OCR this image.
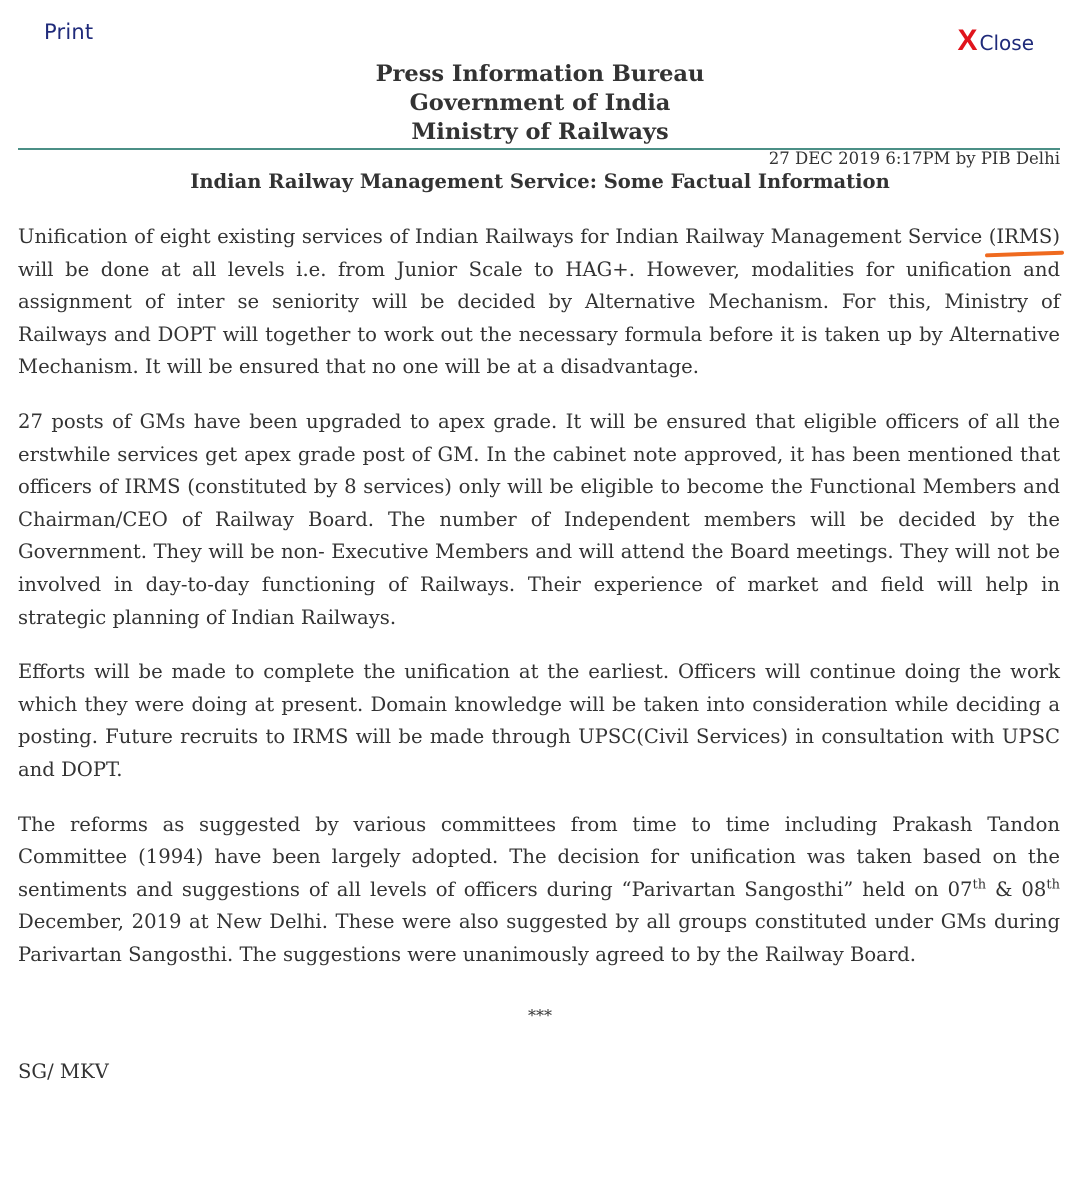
Print	X Close
Press Information Bureau
Government of India
Ministry of Railways
27 DEC 2019 6:17PM by PIB Delhi
Indian Railway Management Service: Some Factual Information

Unification of eight existing services of Indian Railways for Indian Railway Management Service (IRMS) will be done at all levels i.e. from Junior Scale to HAG+. However, modalities for unification and assignment of inter se seniority will be decided by Alternative Mechanism. For this, Ministry of Railways and DOPT will together to work out the necessary formula before it is taken up by Alternative Mechanism. It will be ensured that no one will be at a disadvantage.

27 posts of GMs have been upgraded to apex grade. It will be ensured that eligible officers of all the erstwhile services get apex grade post of GM. In the cabinet note approved, it has been mentioned that officers of IRMS (constituted by 8 services) only will be eligible to become the Functional Members and Chairman/CEO of Railway Board. The number of Independent members will be decided by the Government. They will be non- Executive Members and will attend the Board meetings. They will not be involved in day-to-day functioning of Railways. Their experience of market and field will help in strategic planning of Indian Railways.

Efforts will be made to complete the unification at the earliest. Officers will continue doing the work which they were doing at present. Domain knowledge will be taken into consideration while deciding a posting. Future recruits to IRMS will be made through UPSC(Civil Services) in consultation with UPSC and DOPT.

The reforms as suggested by various committees from time to time including Prakash Tandon Committee (1994) have been largely adopted. The decision for unification was taken based on the sentiments and suggestions of all levels of officers during “Parivartan Sangosthi” held on 07th & 08th December, 2019 at New Delhi. These were also suggested by all groups constituted under GMs during Parivartan Sangosthi. The suggestions were unanimously agreed to by the Railway Board.

***
SG/ MKV
